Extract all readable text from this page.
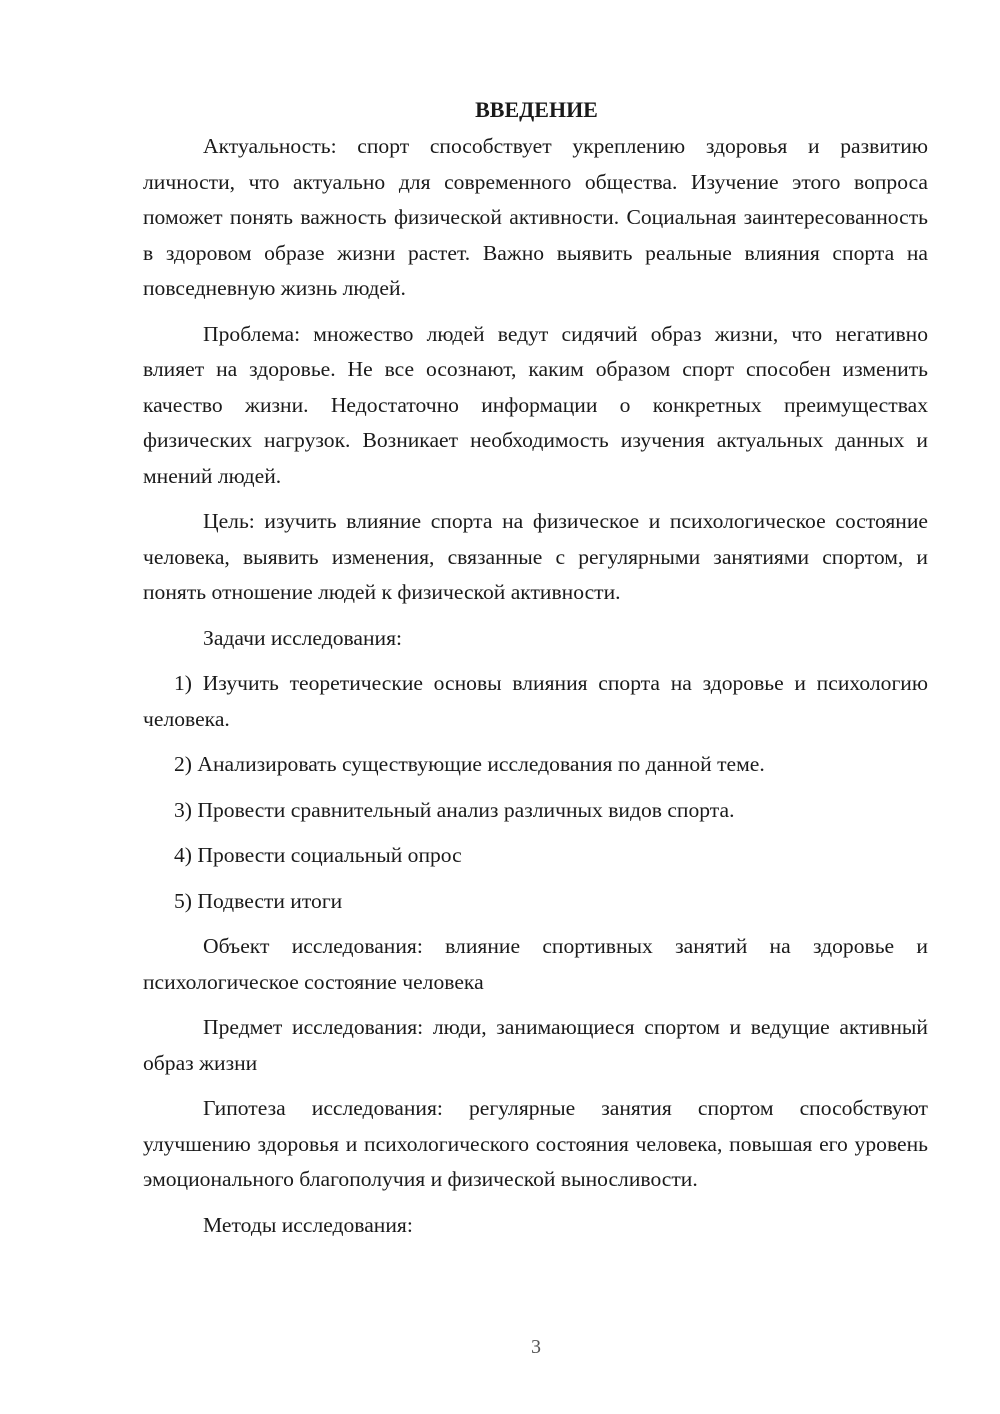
ВВЕДЕНИЕ

Актуальность: спорт способствует укреплению здоровья и развитию личности, что актуально для современного общества. Изучение этого вопроса поможет понять важность физической активности. Социальная заинтересованность в здоровом образе жизни растет. Важно выявить реальные влияния спорта на повседневную жизнь людей.

Проблема: множество людей ведут сидячий образ жизни, что негативно влияет на здоровье. Не все осознают, каким образом спорт способен изменить качество жизни. Недостаточно информации о конкретных преимуществах физических нагрузок. Возникает необходимость изучения актуальных данных и мнений людей.

Цель: изучить влияние спорта на физическое и психологическое состояние человека, выявить изменения, связанные с регулярными занятиями спортом, и понять отношение людей к физической активности.

Задачи исследования:

1) Изучить теоретические основы влияния спорта на здоровье и психологию человека.

2) Анализировать существующие исследования по данной теме.

3) Провести сравнительный анализ различных видов спорта.

4) Провести социальный опрос

5) Подвести итоги

Объект исследования: влияние спортивных занятий на здоровье и психологическое состояние человека

Предмет исследования: люди, занимающиеся спортом и ведущие активный образ жизни

Гипотеза исследования: регулярные занятия спортом способствуют улучшению здоровья и психологического состояния человека, повышая его уровень эмоционального благополучия и физической выносливости.

Методы исследования:

3
